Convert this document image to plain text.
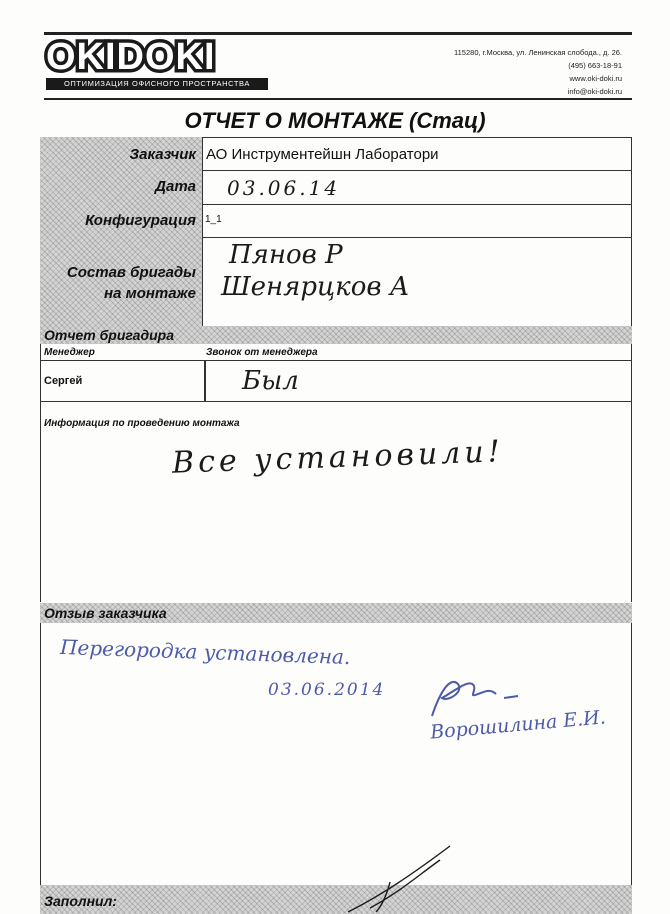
OKIDOKI
ОПТИМИЗАЦИЯ ОФИСНОГО ПРОСТРАНСТВА
115280, г.Москва, ул. Ленинская слобода., д. 26.
(495) 663-18-91
www.oki-doki.ru
info@oki-doki.ru
ОТЧЕТ О МОНТАЖЕ (Стац)
Заказчик АО Инструментейшн Лаборатори
Дата 03.06.14
Конфигурация 1_1
Состав бригады
на монтаже
Пянов Р
Шенярцков А
Отчет бригадира
Менеджер	Звонок от менеджера
Сергей	Был
Информация по проведению монтажа
Все установили!
Отзыв заказчика
Перегородка установлена.
03.06.2014
Ворошилина Е.И.
Заполнил:
